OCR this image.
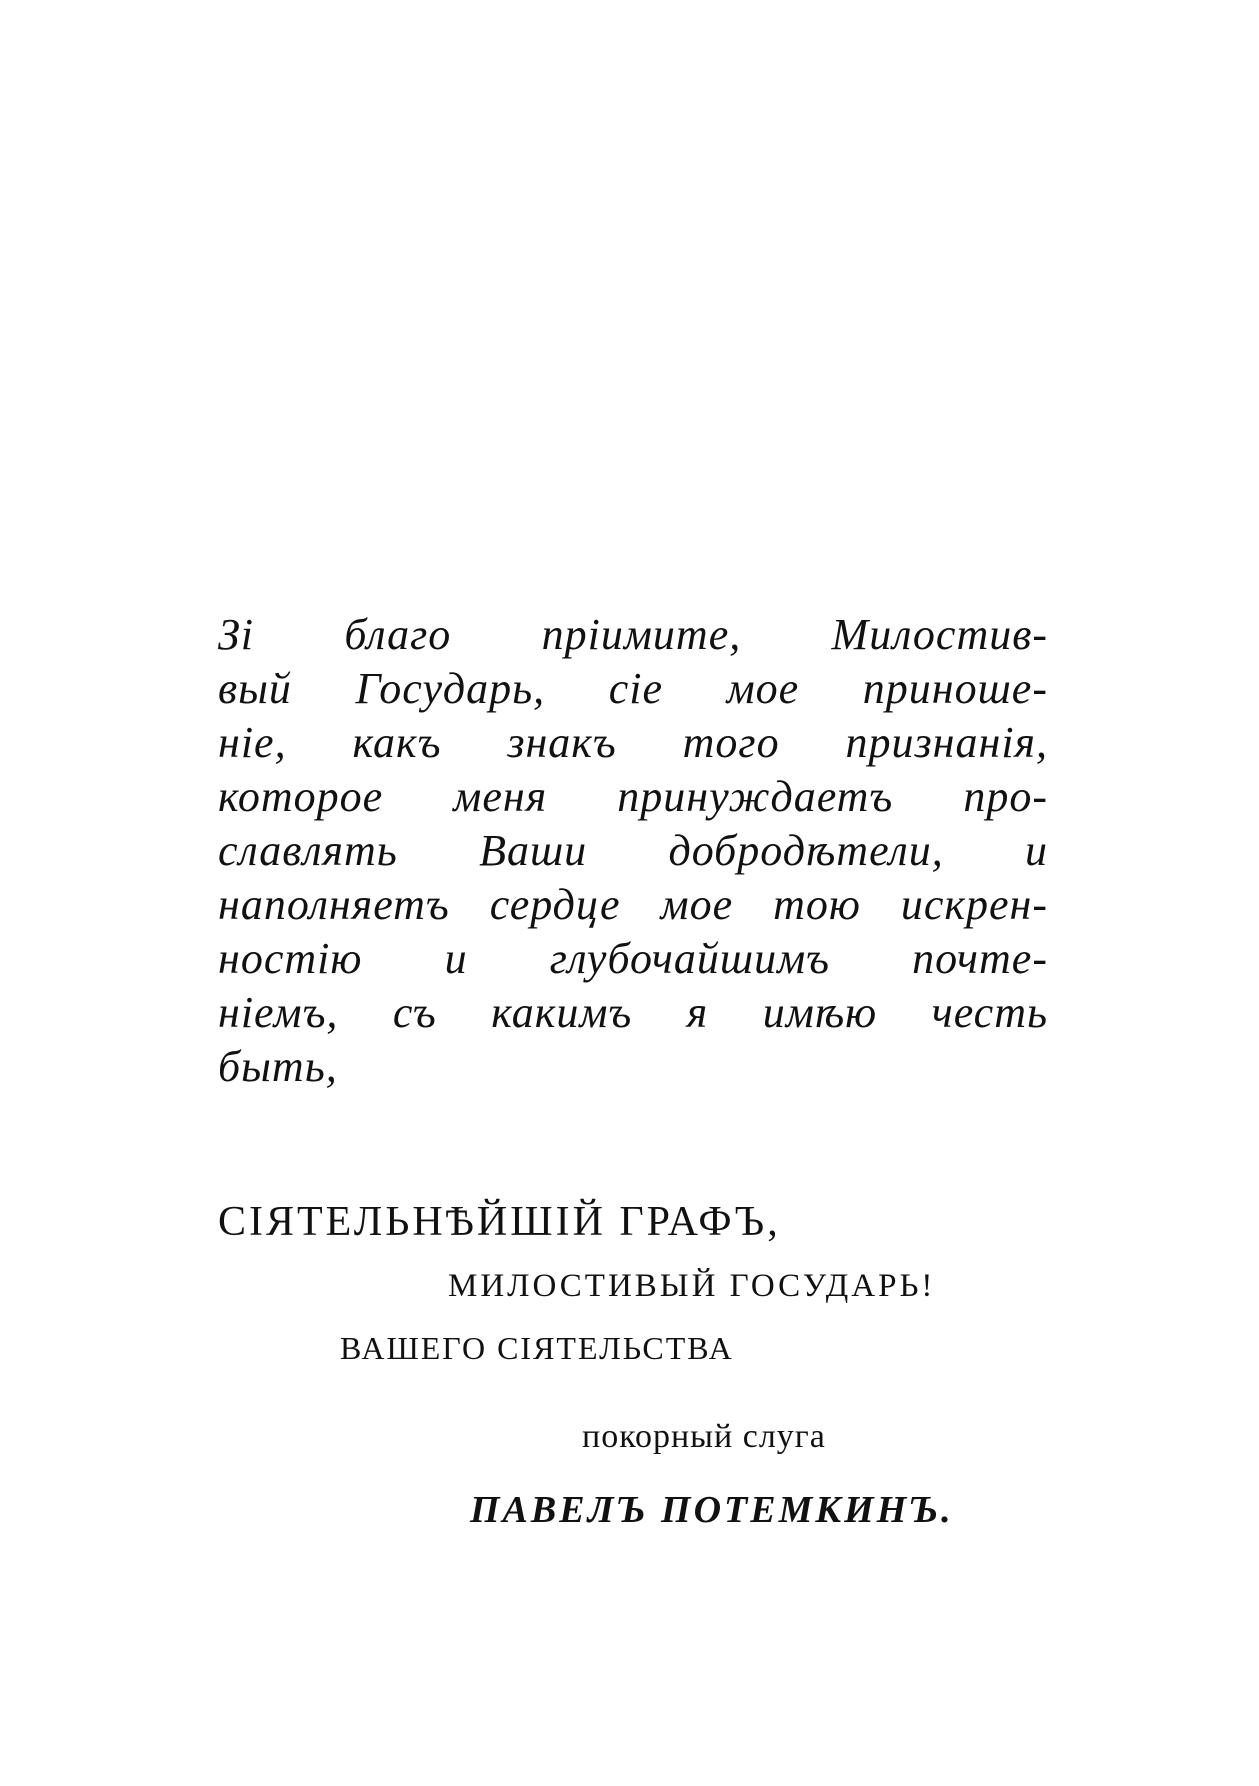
Зі благо пріимите, Милостив-
вый Государь, сіе мое приноше-
ніе, какъ знакъ того признанія,
которое меня принуждаетъ про-
славлять Ваши добродѣтели, и
наполняетъ сердце мое тою искрен-
ностію и глубочайшимъ почте-
ніемъ, съ какимъ я имѣю честь
быть,
СІЯТЕЛЬНѢЙШІЙ ГРАФЪ,
МИЛОСТИВЫЙ ГОСУДАРЬ!
ВАШЕГО СІЯТЕЛЬСТВА
покорный слуга
ПАВЕЛЪ ПОТЕМКИНЪ.
